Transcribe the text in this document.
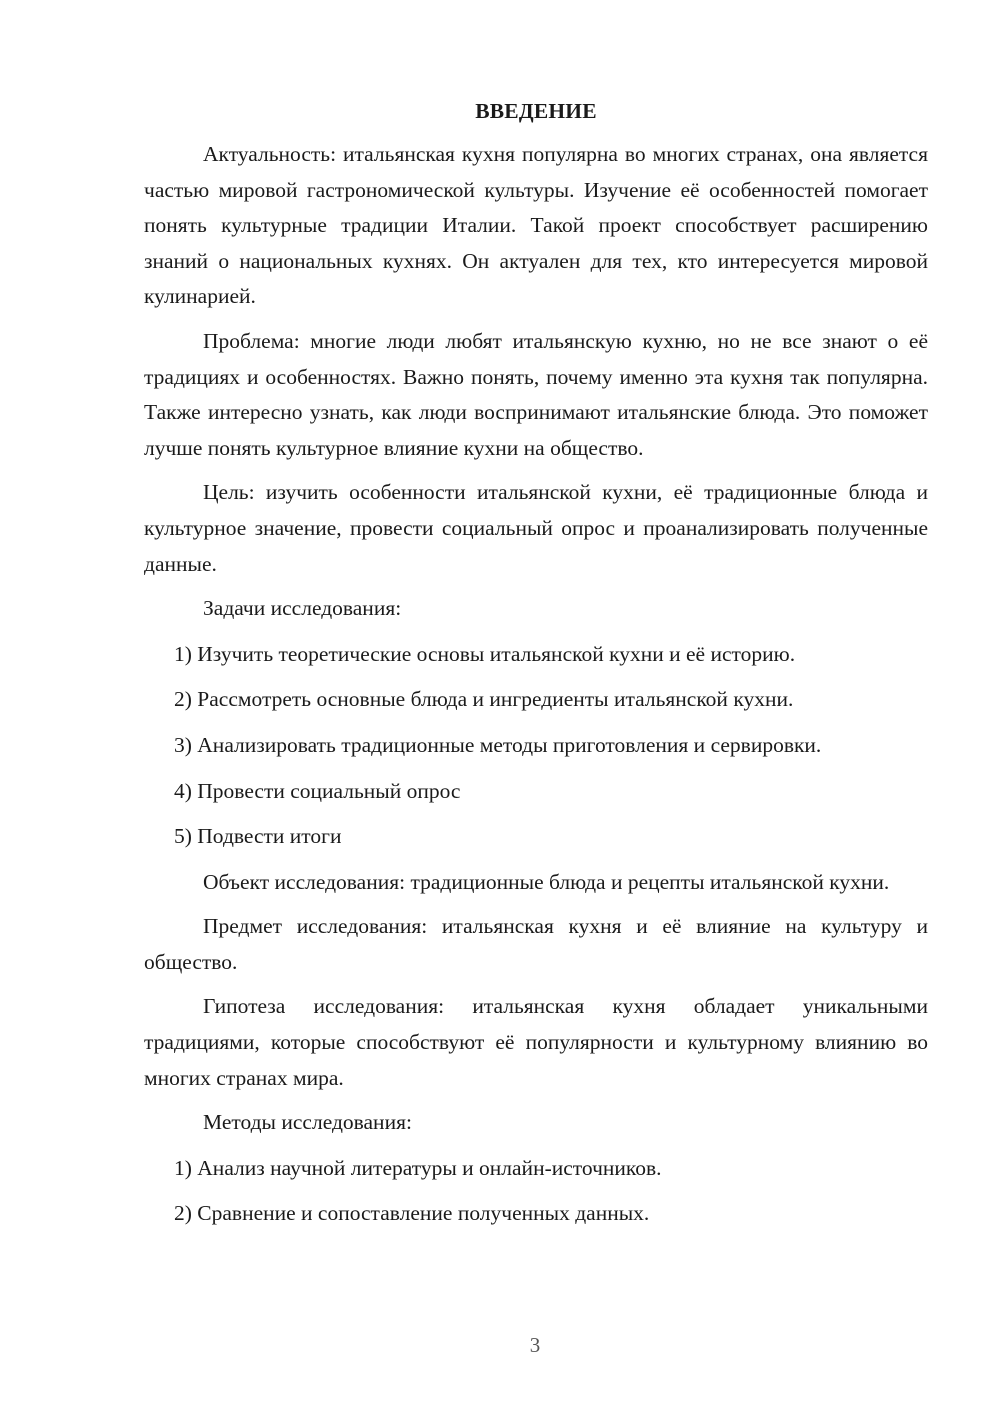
ВВЕДЕНИЕ

Актуальность: итальянская кухня популярна во многих странах, она является частью мировой гастрономической культуры. Изучение её особенностей помогает понять культурные традиции Италии. Такой проект способствует расширению знаний о национальных кухнях. Он актуален для тех, кто интересуется мировой кулинарией.

Проблема: многие люди любят итальянскую кухню, но не все знают о её традициях и особенностях. Важно понять, почему именно эта кухня так популярна. Также интересно узнать, как люди воспринимают итальянские блюда. Это поможет лучше понять культурное влияние кухни на общество.

Цель: изучить особенности итальянской кухни, её традиционные блюда и культурное значение, провести социальный опрос и проанализировать полученные данные.

Задачи исследования:
1) Изучить теоретические основы итальянской кухни и её историю.
2) Рассмотреть основные блюда и ингредиенты итальянской кухни.
3) Анализировать традиционные методы приготовления и сервировки.
4) Провести социальный опрос
5) Подвести итоги

Объект исследования: традиционные блюда и рецепты итальянской кухни.

Предмет исследования: итальянская кухня и её влияние на культуру и общество.

Гипотеза исследования: итальянская кухня обладает уникальными традициями, которые способствуют её популярности и культурному влиянию во многих странах мира.

Методы исследования:
1) Анализ научной литературы и онлайн-источников.
2) Сравнение и сопоставление полученных данных.
3
